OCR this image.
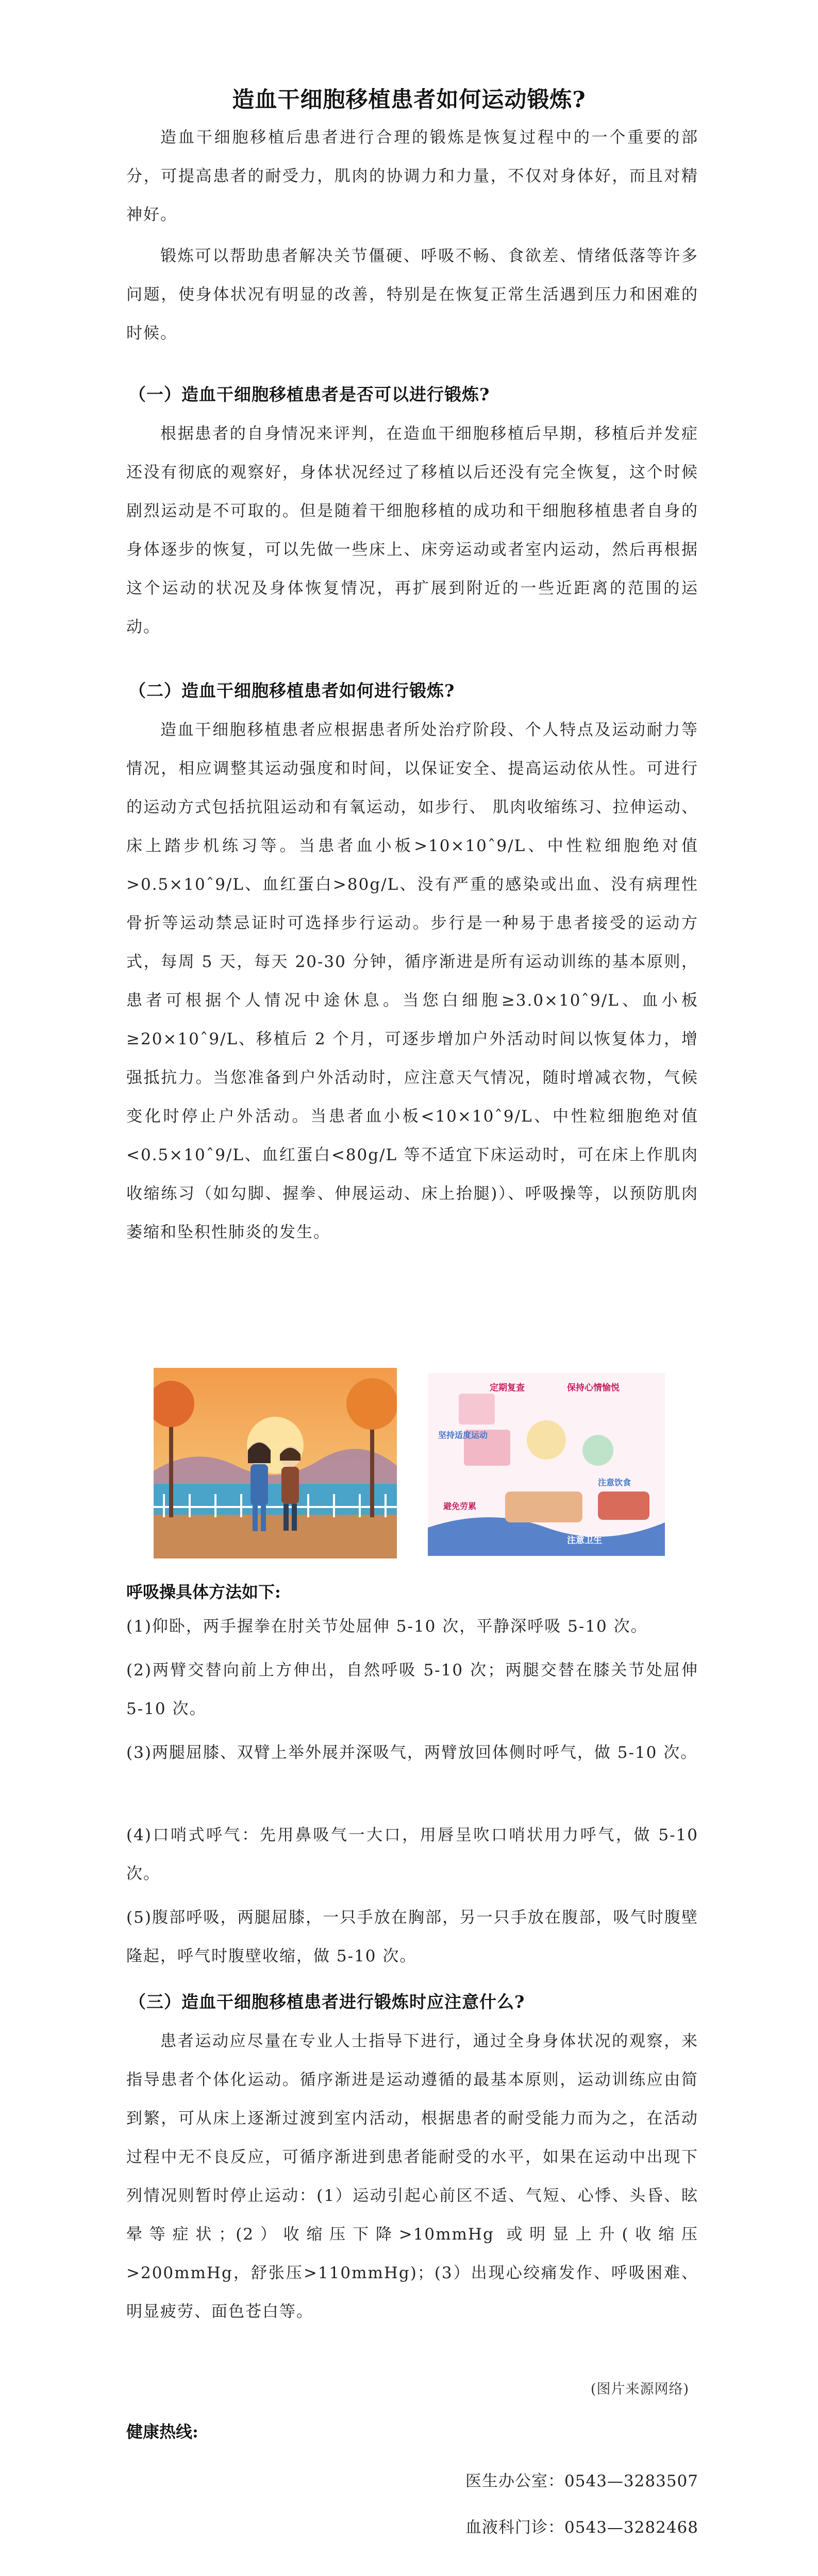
造血干细胞移植患者如何运动锻炼?

造血干细胞移植后患者进行合理的锻炼是恢复过程中的一个重要的部分，可提高患者的耐受力，肌肉的协调力和力量，不仅对身体好，而且对精神好。

锻炼可以帮助患者解决关节僵硬、呼吸不畅、食欲差、情绪低落等许多问题，使身体状况有明显的改善，特别是在恢复正常生活遇到压力和困难的时候。

（一）造血干细胞移植患者是否可以进行锻炼?

根据患者的自身情况来评判，在造血干细胞移植后早期，移植后并发症还没有彻底的观察好，身体状况经过了移植以后还没有完全恢复，这个时候剧烈运动是不可取的。但是随着干细胞移植的成功和干细胞移植患者自身的身体逐步的恢复，可以先做一些床上、床旁运动或者室内运动，然后再根据这个运动的状况及身体恢复情况，再扩展到附近的一些近距离的范围的运动。

（二）造血干细胞移植患者如何进行锻炼?

造血干细胞移植患者应根据患者所处治疗阶段、个人特点及运动耐力等情况，相应调整其运动强度和时间，以保证安全、提高运动依从性。可进行的运动方式包括抗阻运动和有氧运动，如步行、 肌肉收缩练习、拉伸运动、床上踏步机练习等。当患者血小板>10×10ˆ9/L、中性粒细胞绝对值>0.5×10ˆ9/L、血红蛋白>80g/L、没有严重的感染或出血、没有病理性骨折等运动禁忌证时可选择步行运动。步行是一种易于患者接受的运动方式，每周 5 天，每天 20-30 分钟，循序渐进是所有运动训练的基本原则，患者可根据个人情况中途休息。当您白细胞≥3.0×10ˆ9/L、血小板≥20×10ˆ9/L、移植后 2 个月，可逐步增加户外活动时间以恢复体力，增强抵抗力。当您准备到户外活动时，应注意天气情况，随时增减衣物，气候变化时停止户外活动。当患者血小板<10×10ˆ9/L、中性粒细胞绝对值<0.5×10ˆ9/L、血红蛋白<80g/L 等不适宜下床运动时，可在床上作肌肉收缩练习（如勾脚、握拳、伸展运动、床上抬腿)）、呼吸操等，以预防肌肉萎缩和坠积性肺炎的发生。

定期复查	保持心情愉悦
坚持适度运动
注意饮食
避免劳累
注意卫生
呼吸操具体方法如下:

(1)仰卧，两手握拳在肘关节处屈伸 5-10 次，平静深呼吸 5-10 次。

(2)两臂交替向前上方伸出，自然呼吸 5-10 次；两腿交替在膝关节处屈伸 5-10 次。

(3)两腿屈膝、双臂上举外展并深吸气，两臂放回体侧时呼气，做 5-10 次。

(4)口哨式呼气：先用鼻吸气一大口，用唇呈吹口哨状用力呼气，做 5-10 次。

(5)腹部呼吸，两腿屈膝，一只手放在胸部，另一只手放在腹部，吸气时腹壁隆起，呼气时腹壁收缩，做 5-10 次。

（三）造血干细胞移植患者进行锻炼时应注意什么?

患者运动应尽量在专业人士指导下进行，通过全身身体状况的观察，来指导患者个体化运动。循序渐进是运动遵循的最基本原则，运动训练应由简到繁，可从床上逐渐过渡到室内活动，根据患者的耐受能力而为之，在活动过程中无不良反应，可循序渐进到患者能耐受的水平，如果在运动中出现下列情况则暂时停止运动：(1）运动引起心前区不适、气短、心悸、头昏、眩晕等症状；(2）收缩压下降>10mmHg 或明显上升(收缩压>200mmHg，舒张压>110mmHg)；(3）出现心绞痛发作、呼吸困难、明显疲劳、面色苍白等。

(图片来源网络)
健康热线:
医生办公室：0543—3283507
血液科门诊：0543—3282468
